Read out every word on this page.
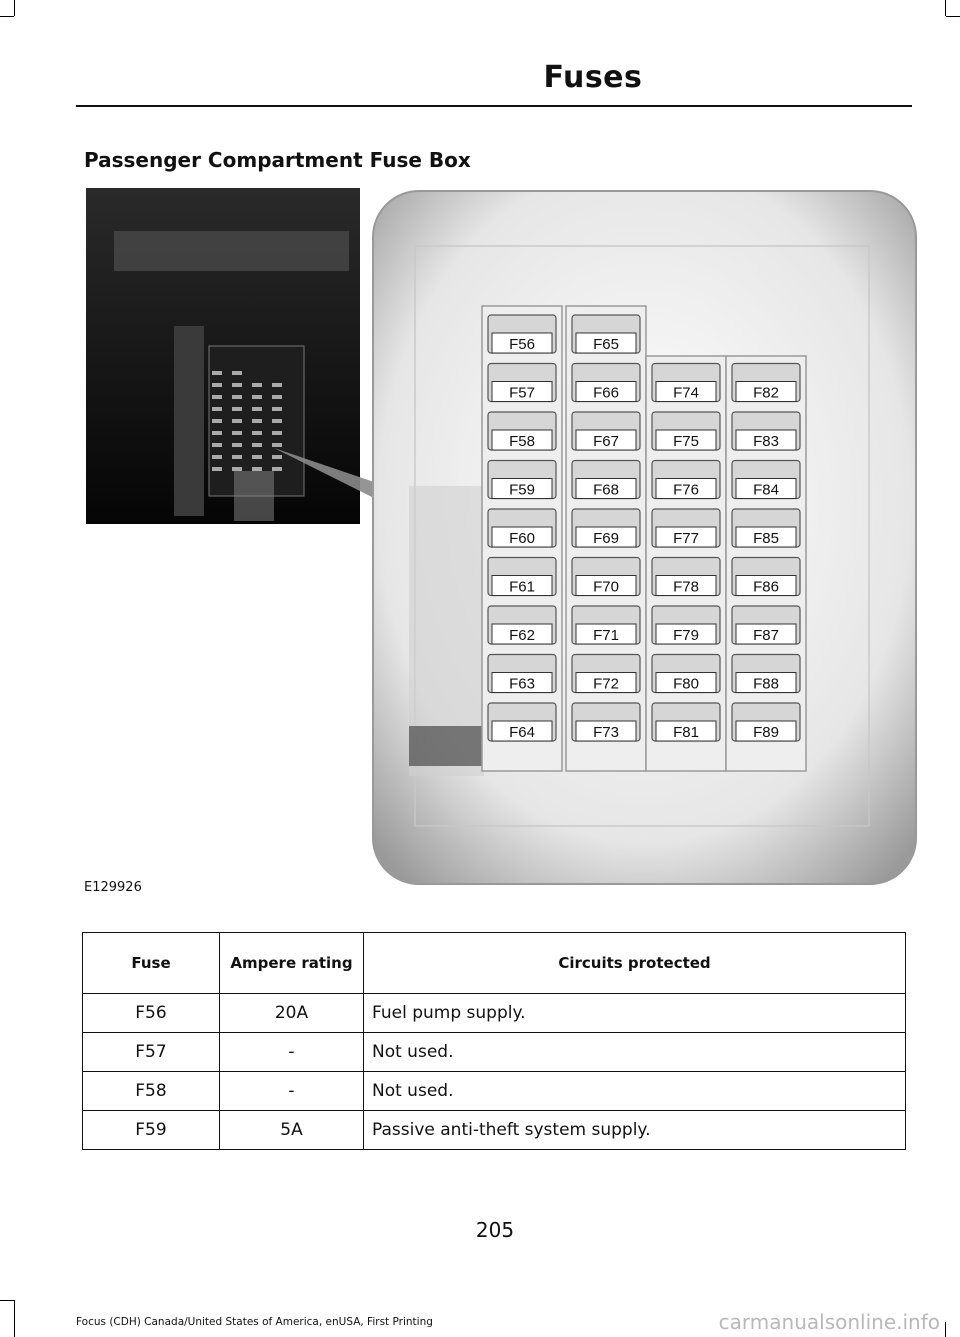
Fuses
Passenger Compartment Fuse Box
F56
F57
F58
F59
F60
F61
F62
F63
F64
F65
F66
F67
F68
F69
F70
F71
F72
F73
F74
F75
F76
F77
F78
F79
F80
F81
F82
F83
F84
F85
F86
F87
F88
F89
E129926
Fuse	Ampere rating	Circuits protected
F56	20A	Fuel pump supply.
F57	-	Not used.
F58	-	Not used.
F59	5A	Passive anti-theft system supply.
205
Focus (CDH) Canada/United States of America, enUSA, First Printing	carmanualsonline.info
